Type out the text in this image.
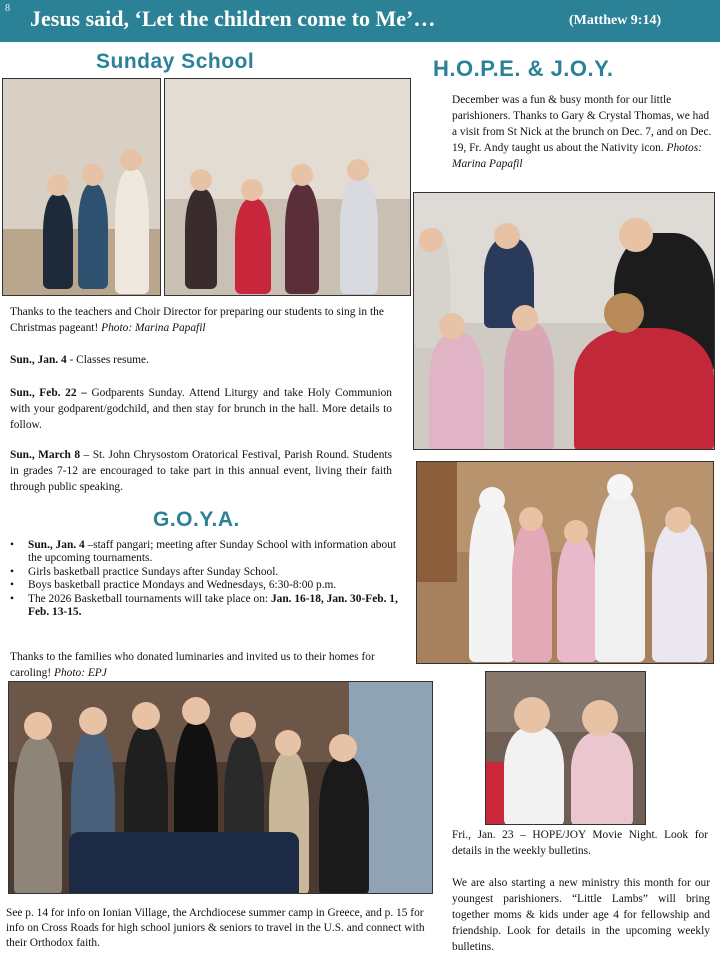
8 Jesus said, ‘Let the children come to Me’…	(Matthew 9:14)
Sunday School
Thanks to the teachers and Choir Director for preparing our students to sing in the Christmas pageant! Photo: Marina Papafil
Sun., Jan. 4 - Classes resume.
Sun., Feb. 22 – Godparents Sunday. Attend Liturgy and take Holy Communion with your godparent/godchild, and then stay for brunch in the hall. More details to follow.
Sun., March 8 – St. John Chrysostom Oratorical Festival, Parish Round. Students in grades 7-12 are encouraged to take part in this annual event, living their faith through public speaking.
G.O.Y.A.
• Sun., Jan. 4 –staff pangari; meeting after Sunday School with information about the upcoming tournaments.
• Girls basketball practice Sundays after Sunday School.
• Boys basketball practice Mondays and Wednesdays, 6:30-8:00 p.m.
• The 2026 Basketball tournaments will take place on: Jan. 16-18, Jan. 30-Feb. 1, Feb. 13-15.
Thanks to the families who donated luminaries and invited us to their homes for caroling! Photo: EPJ
See p. 14 for info on Ionian Village, the Archdiocese summer camp in Greece, and p. 15 for info on Cross Roads for high school juniors & seniors to travel in the U.S. and connect with their Orthodox faith.
H.O.P.E. & J.O.Y.
December was a fun & busy month for our little parishioners. Thanks to Gary & Crystal Thomas, we had a visit from St Nick at the brunch on Dec. 7, and on Dec. 19, Fr. Andy taught us about the Nativity icon. Photos: Marina Papafil
Fri., Jan. 23 – HOPE/JOY Movie Night. Look for details in the weekly bulletins.
We are also starting a new ministry this month for our youngest parishioners. “Little Lambs” will bring together moms & kids under age 4 for fellowship and friendship. Look for details in the upcoming weekly bulletins.
